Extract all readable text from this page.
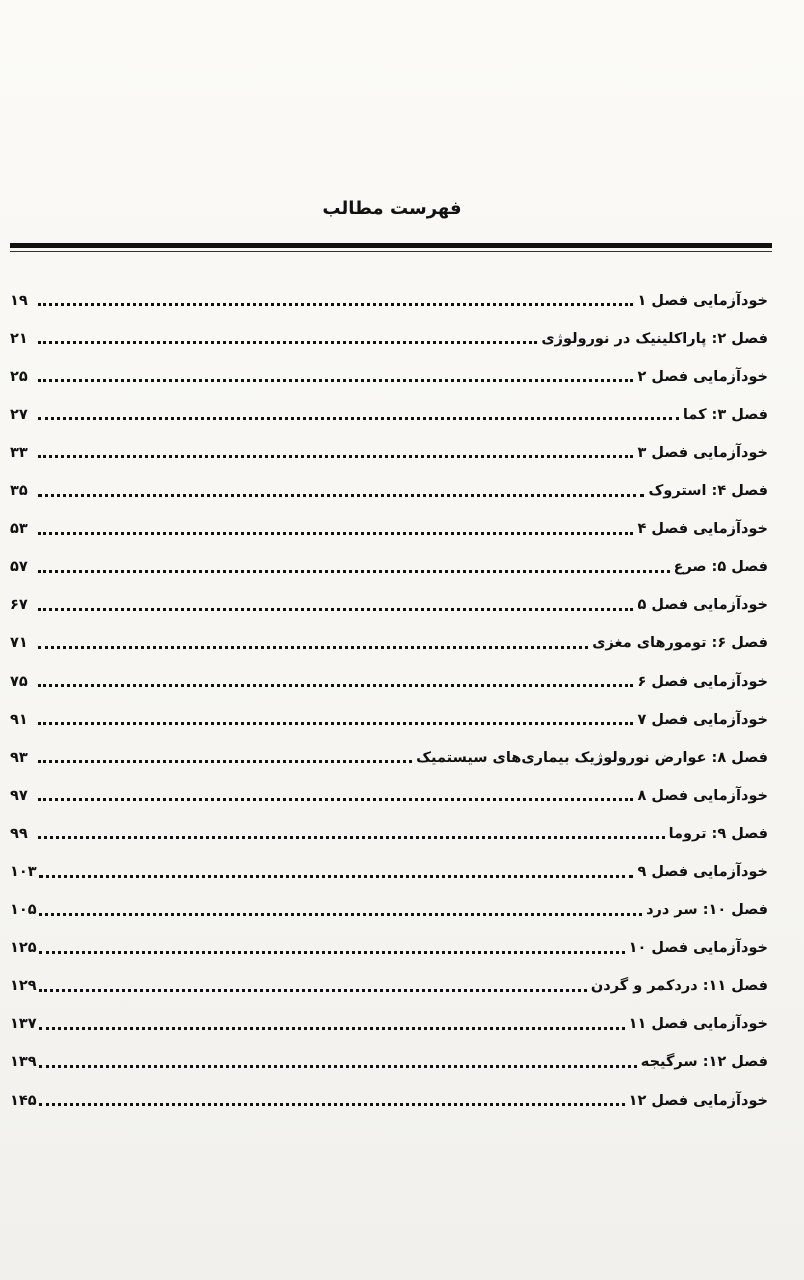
فهرست مطالب
خودآزمایی فصل ۱
۱۹
فصل ۲: پاراکلینیک در نورولوژی
۲۱
خودآزمایی فصل ۲
۲۵
فصل ۳: کما
۲۷
خودآزمایی فصل ۳
۳۳
فصل ۴: استروک
۳۵
خودآزمایی فصل ۴
۵۳
فصل ۵: صرع
۵۷
خودآزمایی فصل ۵
۶۷
فصل ۶: تومورهای مغزی
۷۱
خودآزمایی فصل ۶
۷۵
خودآزمایی فصل ۷
۹۱
فصل ۸: عوارض نورولوژیک بیماری‌های سیستمیک
۹۳
خودآزمایی فصل ۸
۹۷
فصل ۹: تروما
۹۹
خودآزمایی فصل ۹
۱۰۳
فصل ۱۰: سر درد
۱۰۵
خودآزمایی فصل ۱۰
۱۲۵
فصل ۱۱: دردکمر و گردن
۱۲۹
خودآزمایی فصل ۱۱
۱۳۷
فصل ۱۲: سرگیجه
۱۳۹
خودآزمایی فصل ۱۲
۱۴۵
